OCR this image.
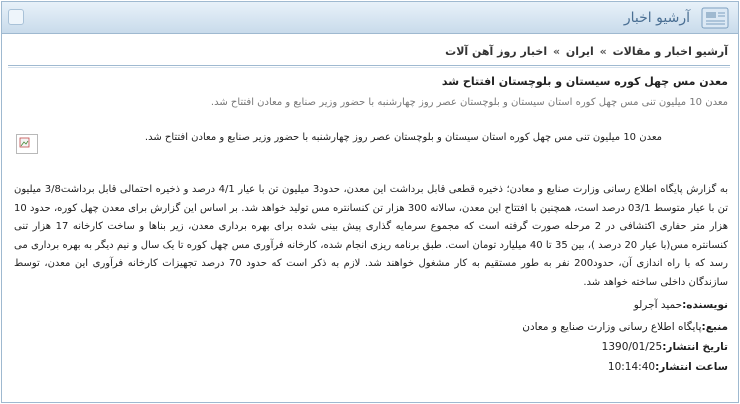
آرشیو اخبار
آرشیو اخبار و مقالات » ایران » اخبار روز آهن آلات
معدن مس چهل کوره سیستان و بلوچستان افتتاح شد
معدن 10 میلیون تنی مس چهل کوره استان سیستان و بلوچستان عصر روز چهارشنبه با حضور وزیر صنایع و معادن افتتاح شد.
معدن 10 میلیون تنی مس چهل کوره استان سیستان و بلوچستان عصر روز چهارشنبه با حضور وزیر صنایع و معادن افتتاح شد.
به گزارش پایگاه اطلاع رسانی وزارت صنایع و معادن؛ ذخیره قطعی قابل برداشت این معدن، حدود3 میلیون تن با عیار 4/1 درصد و ذخیره احتمالی قابل برداشت3/8 میلیون تن با عیار متوسط 03/1 درصد است، همچنین با افتتاح این معدن، سالانه 300 هزار تن کنسانتره مس تولید خواهد شد. بر اساس این گزارش برای معدن چهل کوره، حدود 10 هزار متر حفاری اکتشافی در 2 مرحله صورت گرفته است که مجموع سرمایه گذاری پیش بینی شده برای بهره برداری معدن، زیر بناها و ساخت کارخانه 17 هزار تنی کنسانتره مس(با عیار 20 درصد )، بین 35 تا 40 میلیارد تومان است. طبق برنامه ریزی انجام شده، کارخانه فرآوری مس چهل کوره تا یک سال و نیم دیگر به بهره برداری می رسد که با راه اندازی آن، حدود200 نفر به طور مستقیم به کار مشغول خواهند شد. لازم به ذکر است که حدود 70 درصد تجهیزات کارخانه فرآوری این معدن، توسط سازندگان داخلی ساخته خواهد شد.
نویسنده:حمید آجرلو
منبع:پایگاه اطلاع رسانی وزارت صنایع و معادن
تاریخ انتشار:1390/01/25
ساعت انتشار:10:14:40
